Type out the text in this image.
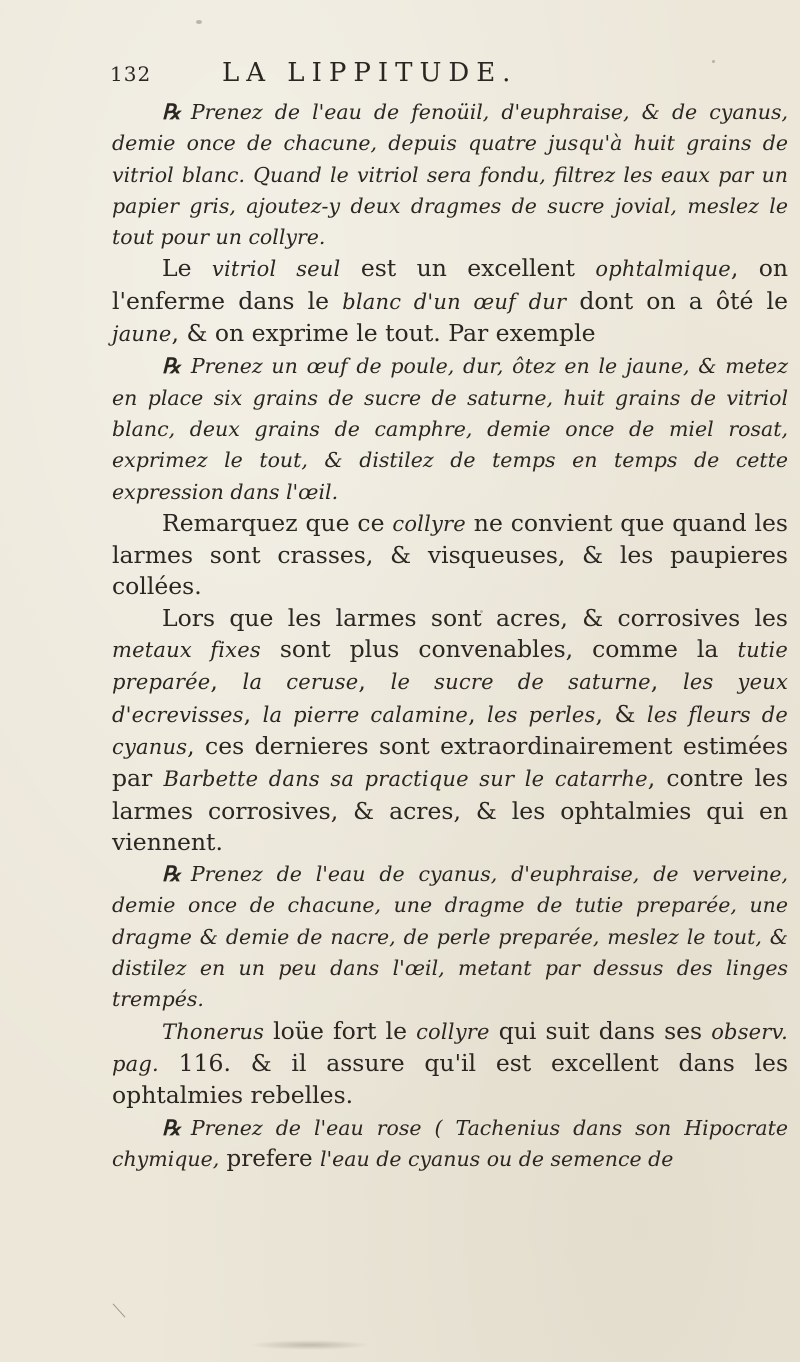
132	LA LIPPITUDE.

℞ Prenez de l'eau de fenoüil, d'euphraise, & de cyanus, demie once de chacune, depuis quatre jusqu'à huit grains de vitriol blanc. Quand le vitriol sera fondu, filtrez les eaux par un papier gris, ajoutez-y deux dragmes de sucre jovial, meslez le tout pour un collyre.

Le vitriol seul est un excellent ophtalmique, on l'enferme dans le blanc d'un œuf dur dont on a ôté le jaune, & on exprime le tout. Par exemple

℞ Prenez un œuf de poule, dur, ôtez en le jaune, & metez en place six grains de sucre de saturne, huit grains de vitriol blanc, deux grains de camphre, demie once de miel rosat, exprimez le tout, & distilez de temps en temps de cette expression dans l'œil.

Remarquez que ce collyre ne convient que quand les larmes sont crasses, & visqueuses, & les paupieres collées.

Lors que les larmes sont acres, & corrosives les metaux fixes sont plus convenables, comme la tutie preparée, la ceruse, le sucre de saturne, les yeux d'ecrevisses, la pierre calamine, les perles, & les fleurs de cyanus, ces dernieres sont extraordinairement estimées par Barbette dans sa practique sur le catarrhe, contre les larmes corrosives, & acres, & les ophtalmies qui en viennent.

℞ Prenez de l'eau de cyanus, d'euphraise, de verveine, demie once de chacune, une dragme de tutie preparée, une dragme & demie de nacre, de perle preparée, meslez le tout, & distilez en un peu dans l'œil, metant par dessus des linges trempés.

Thonerus loüe fort le collyre qui suit dans ses observ. pag. 116. & il assure qu'il est excellent dans les ophtalmies rebelles.

℞ Prenez de l'eau rose ( Tachenius dans son Hipocrate chymique, prefere l'eau de cyanus ou de semence de
